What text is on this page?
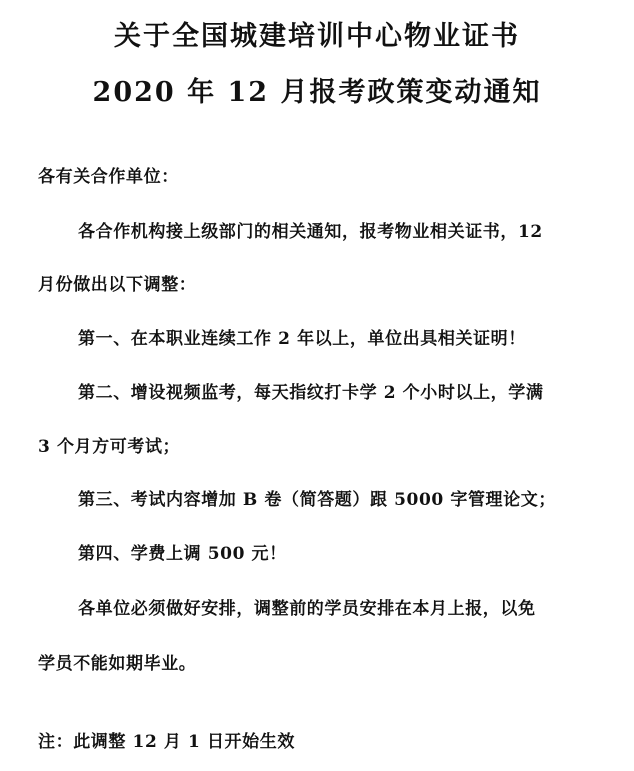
关于全国城建培训中心物业证书
2020 年 12 月报考政策变动通知
各有关合作单位：
各合作机构接上级部门的相关通知，报考物业相关证书，12
月份做出以下调整：
第一、在本职业连续工作 2 年以上，单位出具相关证明！
第二、增设视频监考，每天指纹打卡学 2 个小时以上，学满
3 个月方可考试；
第三、考试内容增加 B 卷（简答题）跟 5000 字管理论文；
第四、学费上调 500 元！
各单位必须做好安排，调整前的学员安排在本月上报，以免
学员不能如期毕业。
注：此调整 12 月 1 日开始生效
